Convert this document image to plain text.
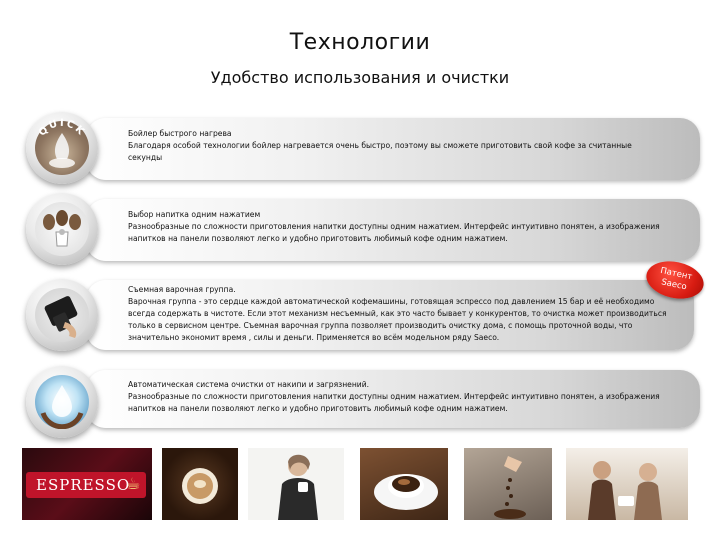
Технологии
Удобство использования и очистки
Бойлер быстрого нагрева
Благодаря особой технологии бойлер нагревается очень быстро, поэтому вы сможете приготовить свой кофе за считанные
секунды
QUICK
Выбор напитка одним нажатием
Разнообразные по сложности приготовления напитки доступны одним нажатием. Интерфейс интуитивно понятен, а изображения
напитков на панели позволяют легко и удобно приготовить любимый кофе одним нажатием.
Съемная варочная группа.
Варочная группа - это сердце каждой автоматической кофемашины, готовящая эспрессо под давлением 15 бар и её необходимо
всегда содержать в чистоте. Если этот механизм несъемный, как это часто бывает у конкурентов, то очистка может производиться
только в сервисном центре. Съемная варочная группа позволяет производить очистку дома, с помощь проточной воды, что
значительно экономит время , силы и деньги. Применяется во всём модельном ряду Saeco.
Патент Saeco
Автоматическая система очистки от накипи и загрязнений.
Разнообразные по сложности приготовления напитки доступны одним нажатием. Интерфейс интуитивно понятен, а изображения
напитков на панели позволяют легко и удобно приготовить любимый кофе одним нажатием.
ESPRESSO
☕
